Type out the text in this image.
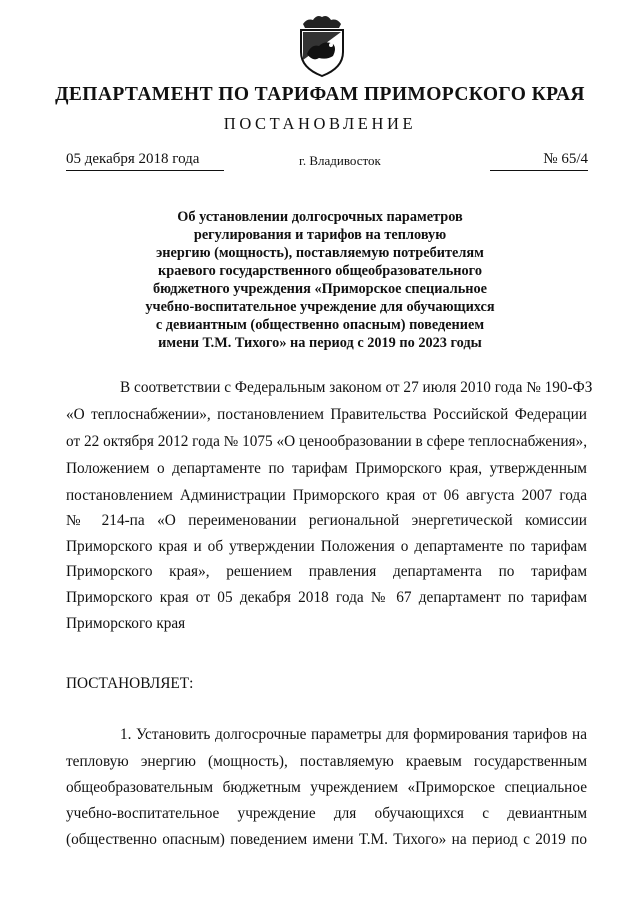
ДЕПАРТАМЕНТ ПО ТАРИФАМ ПРИМОРСКОГО КРАЯ
ПОСТАНОВЛЕНИЕ
05 декабря 2018 года	г. Владивосток	№ 65/4
Об установлении долгосрочных параметров
регулирования и тарифов на тепловую
энергию (мощность), поставляемую потребителям
краевого государственного общеобразовательного
бюджетного учреждения «Приморское специальное
учебно-воспитательное учреждение для обучающихся
с девиантным (общественно опасным) поведением
имени Т.М. Тихого» на период с 2019 по 2023 годы
В соответствии с Федеральным законом от 27 июля 2010 года № 190-ФЗ
«О теплоснабжении», постановлением Правительства Российской Федерации
от 22 октября 2012 года № 1075 «О ценообразовании в сфере теплоснабжения»,
Положением о департаменте по тарифам Приморского края, утвержденным
постановлением Администрации Приморского края от 06 августа 2007 года
№ 214-па «О переименовании региональной энергетической комиссии
Приморского края и об утверждении Положения о департаменте по тарифам
Приморского края», решением правления департамента по тарифам
Приморского края от 05 декабря 2018 года № 67 департамент по тарифам
Приморского края
ПОСТАНОВЛЯЕТ:
1. Установить долгосрочные параметры для формирования тарифов на
тепловую энергию (мощность), поставляемую краевым государственным
общеобразовательным бюджетным учреждением «Приморское специальное
учебно-воспитательное учреждение для обучающихся с девиантным
(общественно опасным) поведением имени Т.М. Тихого» на период с 2019 по
